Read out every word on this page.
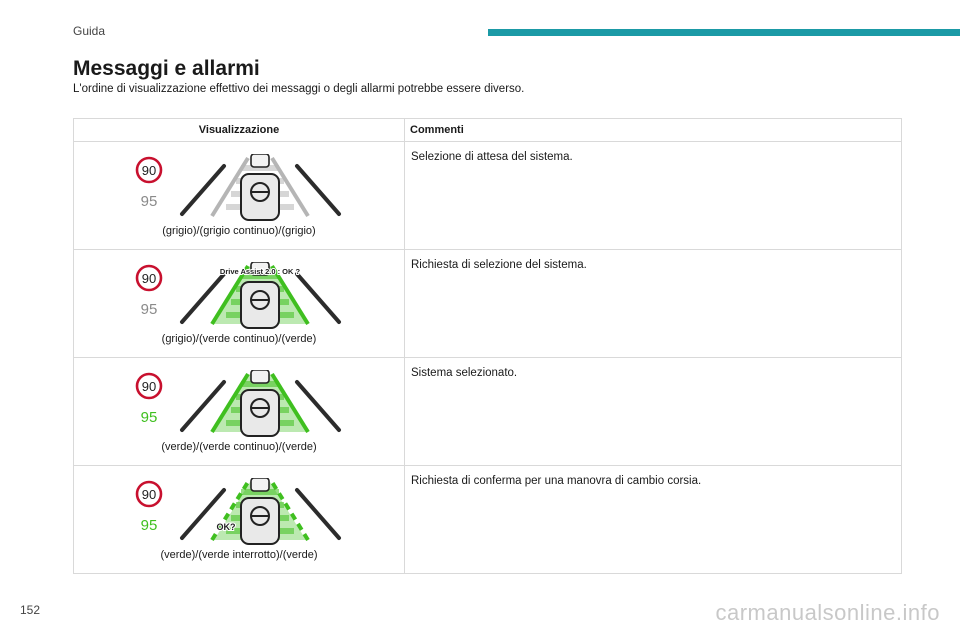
Guida
Messaggi e allarmi
L'ordine di visualizzazione effettivo dei messaggi o degli allarmi potrebbe essere diverso.
Visualizzazione	Commenti

90
95
(grigio)/(grigio continuo)/(grigio)	Selezione di attesa del sistema.

90
95
Drive Assist 2.0 : OK ?
(grigio)/(verde continuo)/(verde)	Richiesta di selezione del sistema.

90
95
(verde)/(verde continuo)/(verde)	Sistema selezionato.

90
95 OK?
(verde)/(verde interrotto)/(verde)	Richiesta di conferma per una manovra di cambio corsia.
152	carmanualsonline.info
